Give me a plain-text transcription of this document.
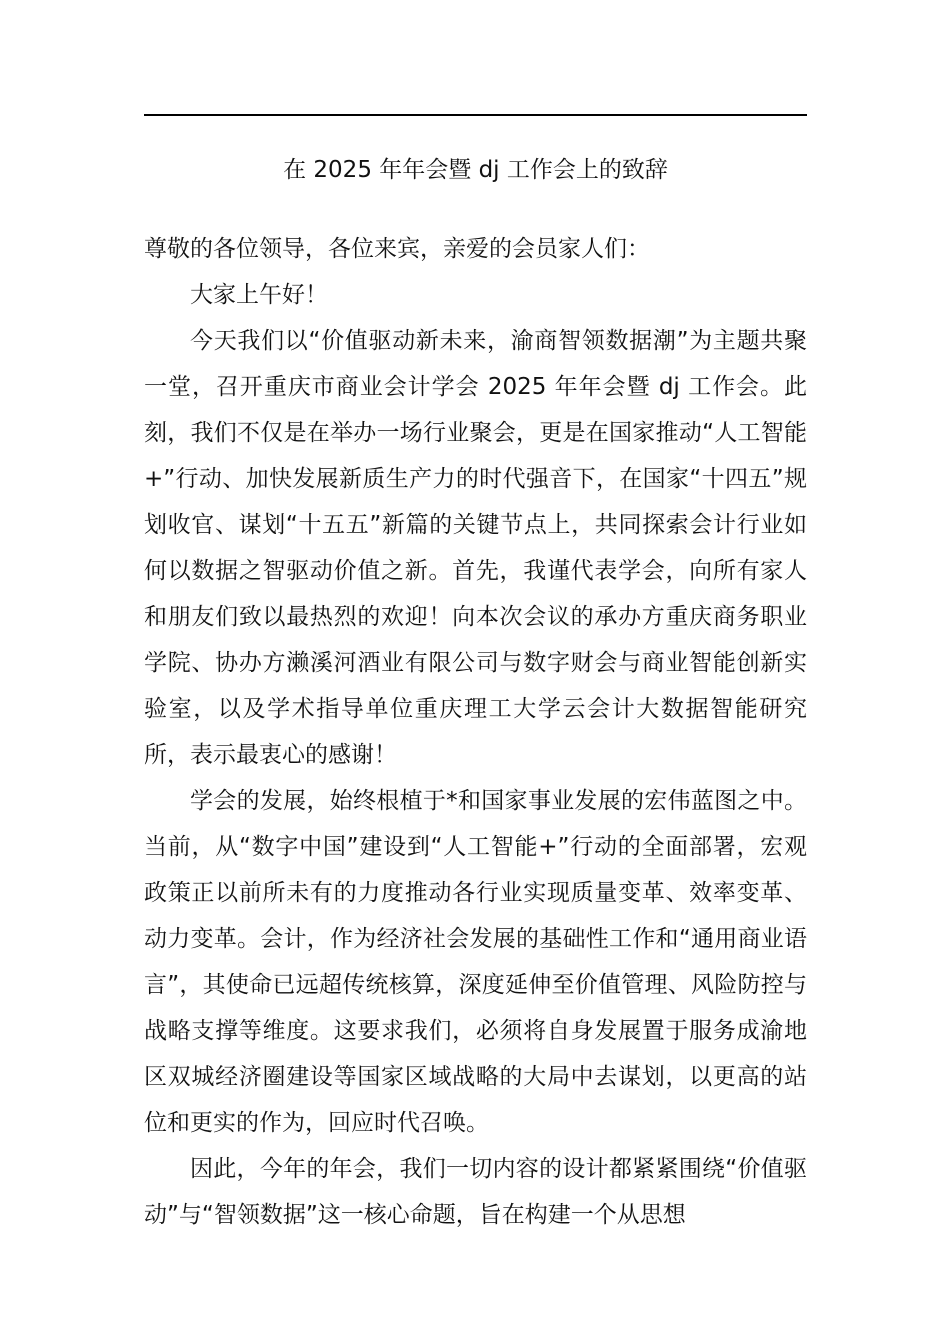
在 2025 年年会暨 dj 工作会上的致辞

尊敬的各位领导，各位来宾，亲爱的会员家人们：

大家上午好！

今天我们以“价值驱动新未来，渝商智领数据潮”为主题共聚一堂，召开重庆市商业会计学会 2025 年年会暨 dj 工作会。此刻，我们不仅是在举办一场行业聚会，更是在国家推动“人工智能+”行动、加快发展新质生产力的时代强音下，在国家“十四五”规划收官、谋划“十五五”新篇的关键节点上，共同探索会计行业如何以数据之智驱动价值之新。首先，我谨代表学会，向所有家人和朋友们致以最热烈的欢迎！向本次会议的承办方重庆商务职业学院、协办方濑溪河酒业有限公司与数字财会与商业智能创新实验室，以及学术指导单位重庆理工大学云会计大数据智能研究所，表示最衷心的感谢！

学会的发展，始终根植于*和国家事业发展的宏伟蓝图之中。当前，从“数字中国”建设到“人工智能+”行动的全面部署，宏观政策正以前所未有的力度推动各行业实现质量变革、效率变革、动力变革。会计，作为经济社会发展的基础性工作和“通用商业语言”，其使命已远超传统核算，深度延伸至价值管理、风险防控与战略支撑等维度。这要求我们，必须将自身发展置于服务成渝地区双城经济圈建设等国家区域战略的大局中去谋划，以更高的站位和更实的作为，回应时代召唤。

因此，今年的年会，我们一切内容的设计都紧紧围绕“价值驱动”与“智领数据”这一核心命题，旨在构建一个从思想
